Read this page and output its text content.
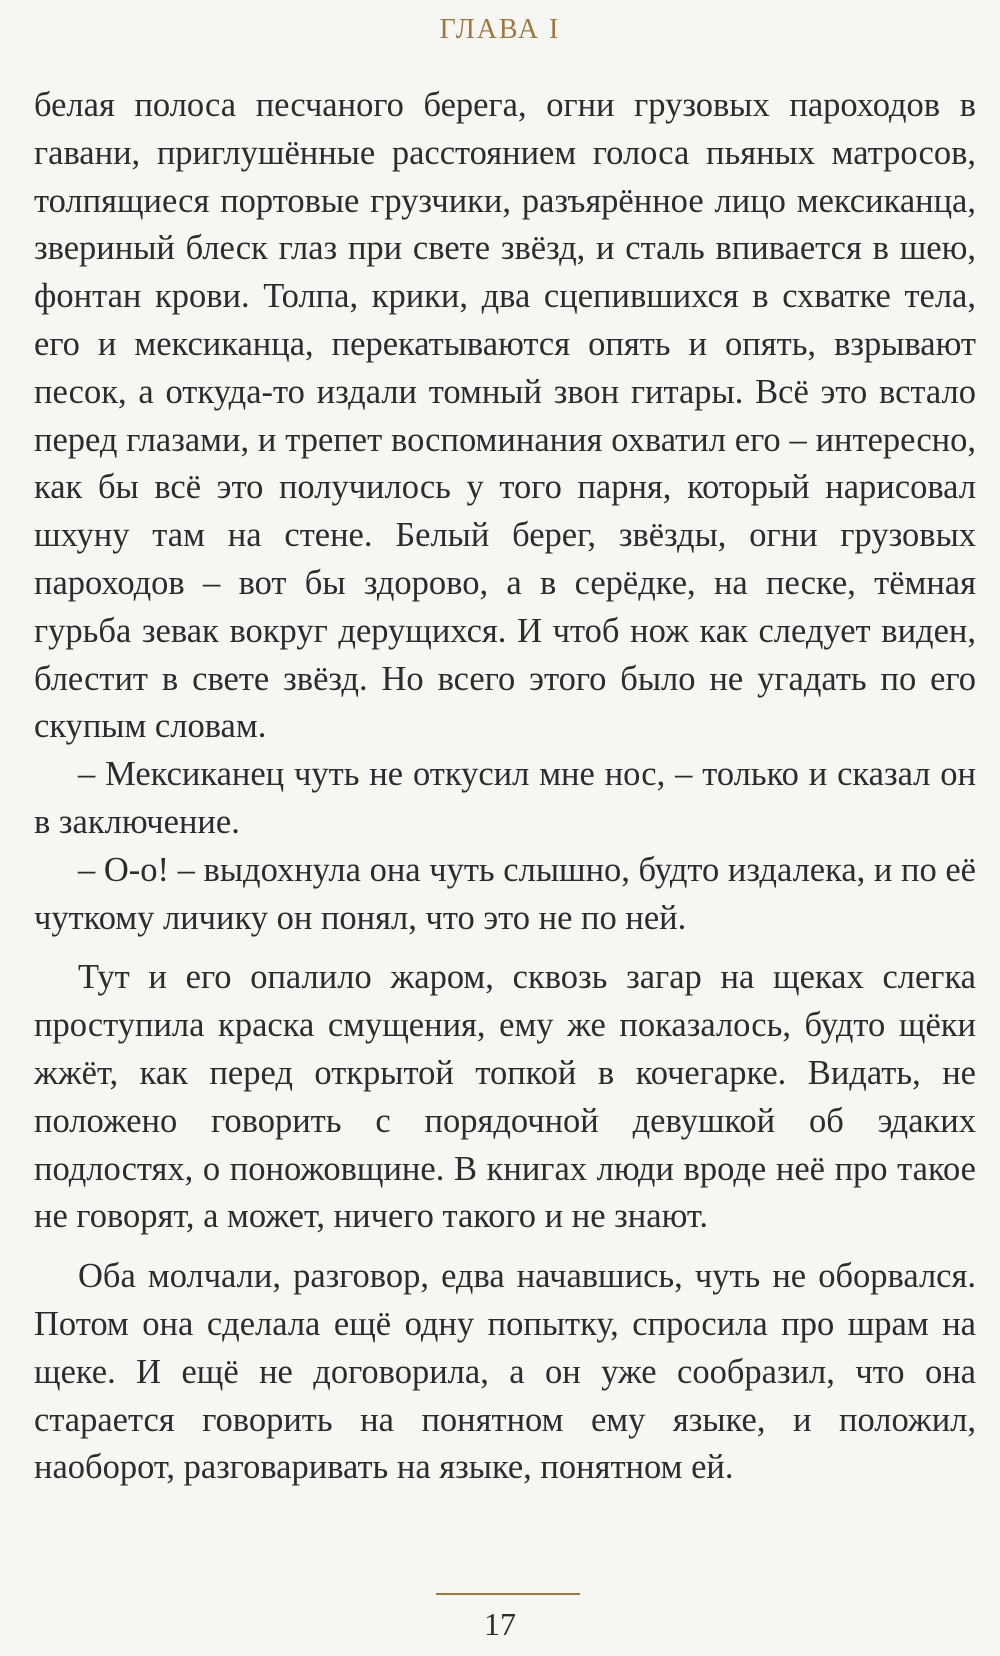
ГЛАВА I

белая полоса песчаного берега, огни грузовых пароходов в гавани, приглушённые расстоянием голоса пьяных матросов, толпящиеся портовые грузчики, разъярённое лицо мексиканца, звериный блеск глаз при свете звёзд, и сталь впивается в шею, фонтан крови. Толпа, крики, два сцепившихся в схватке тела, его и мексиканца, перекатываются опять и опять, взрывают песок, а откуда-то издали томный звон гитары. Всё это встало перед глазами, и трепет воспоминания охватил его – интересно, как бы всё это получилось у того парня, который нарисовал шхуну там на стене. Белый берег, звёзды, огни грузовых пароходов – вот бы здорово, а в серёдке, на песке, тёмная гурьба зевак вокруг дерущихся. И чтоб нож как следует виден, блестит в свете звёзд. Но всего этого было не угадать по его скупым словам.

– Мексиканец чуть не откусил мне нос, – только и сказал он в заключение.

– О-о! – выдохнула она чуть слышно, будто издалека, и по её чуткому личику он понял, что это не по ней.

Тут и его опалило жаром, сквозь загар на щеках слегка проступила краска смущения, ему же показалось, будто щёки жжёт, как перед открытой топкой в кочегарке. Видать, не положено говорить с порядочной девушкой об эдаких подлостях, о поножовщине. В книгах люди вроде неё про такое не говорят, а может, ничего такого и не знают.

Оба молчали, разговор, едва начавшись, чуть не оборвался. Потом она сделала ещё одну попытку, спросила про шрам на щеке. И ещё не договорила, а он уже сообразил, что она старается говорить на понятном ему языке, и положил, наоборот, разговаривать на языке, понятном ей.

17
